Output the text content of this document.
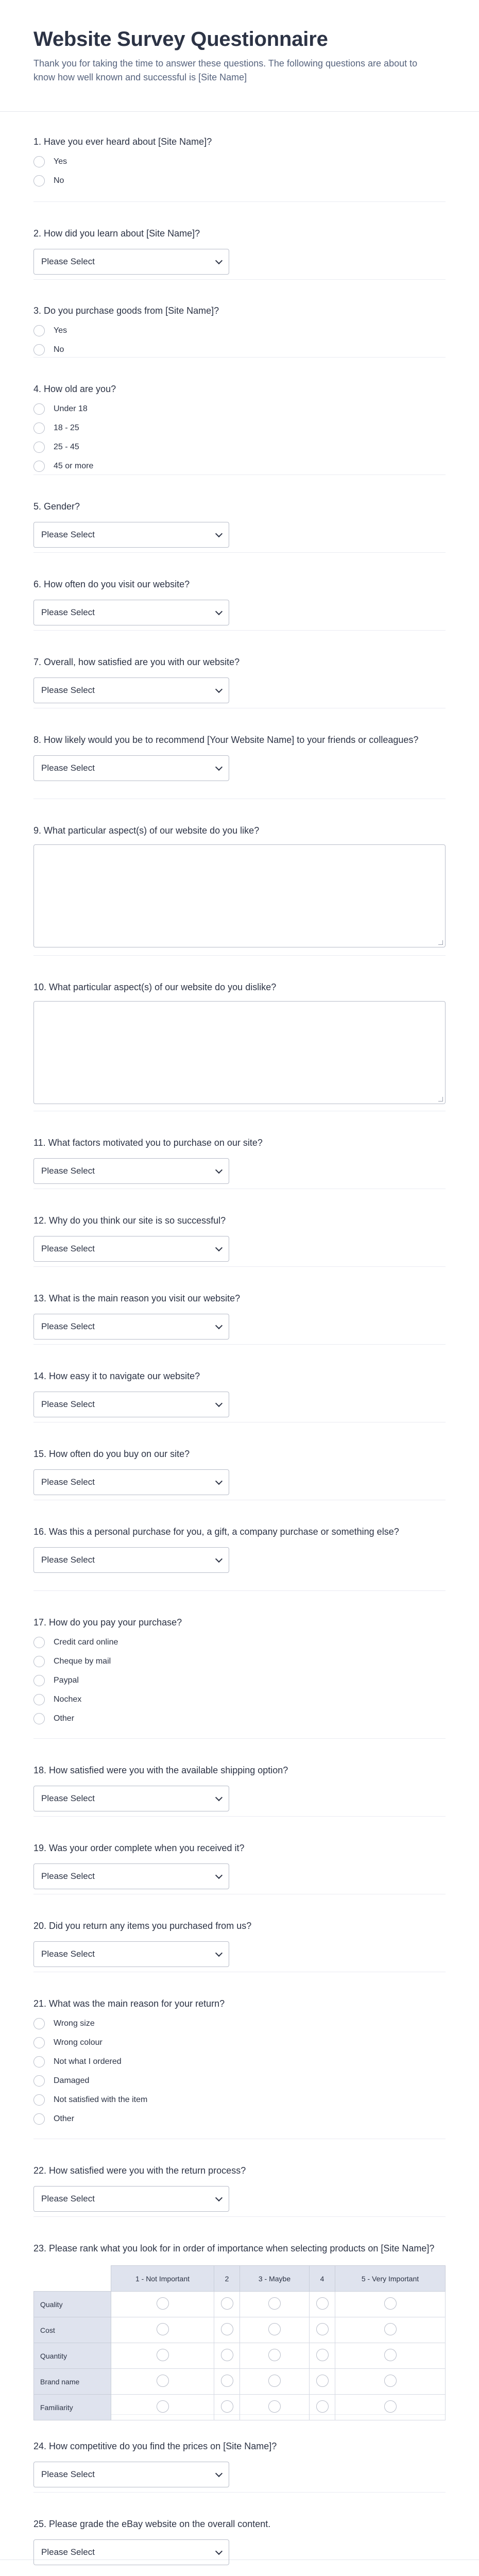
Website Survey Questionnaire

Thank you for taking the time to answer these questions. The following questions are about to know how well known and successful is [Site Name]

1. Have you ever heard about [Site Name]?
Yes
No
2. How did you learn about [Site Name]?
Please Select
3. Do you purchase goods from [Site Name]?
Yes
No
4. How old are you?
Under 18
18 - 25
25 - 45
45 or more
5. Gender?
Please Select
6. How often do you visit our website?
Please Select
7. Overall, how satisfied are you with our website?
Please Select
8. How likely would you be to recommend [Your Website Name] to your friends or colleagues?
Please Select
9. What particular aspect(s) of our website do you like?
10. What particular aspect(s) of our website do you dislike?
11. What factors motivated you to purchase on our site?
Please Select
12. Why do you think our site is so successful?
Please Select
13. What is the main reason you visit our website?
Please Select
14. How easy it to navigate our website?
Please Select
15. How often do you buy on our site?
Please Select
16. Was this a personal purchase for you, a gift, a company purchase or something else?
Please Select
17. How do you pay your purchase?
Credit card online
Cheque by mail
Paypal
Nochex
Other
18. How satisfied were you with the available shipping option?
Please Select
19. Was your order complete when you received it?
Please Select
20. Did you return any items you purchased from us?
Please Select
21. What was the main reason for your return?
Wrong size
Wrong colour
Not what I ordered
Damaged
Not satisfied with the item
Other
22. How satisfied were you with the return process?
Please Select
23. Please rank what you look for in order of importance when selecting products on [Site Name]?
	1 - Not Important	2	3 - Maybe	4	5 - Very Important
Quality					
Cost					
Quantity					
Brand name					
Familiarity					
24. How competitive do you find the prices on [Site Name]?
Please Select
25. Please grade the eBay website on the overall content.
Please Select
